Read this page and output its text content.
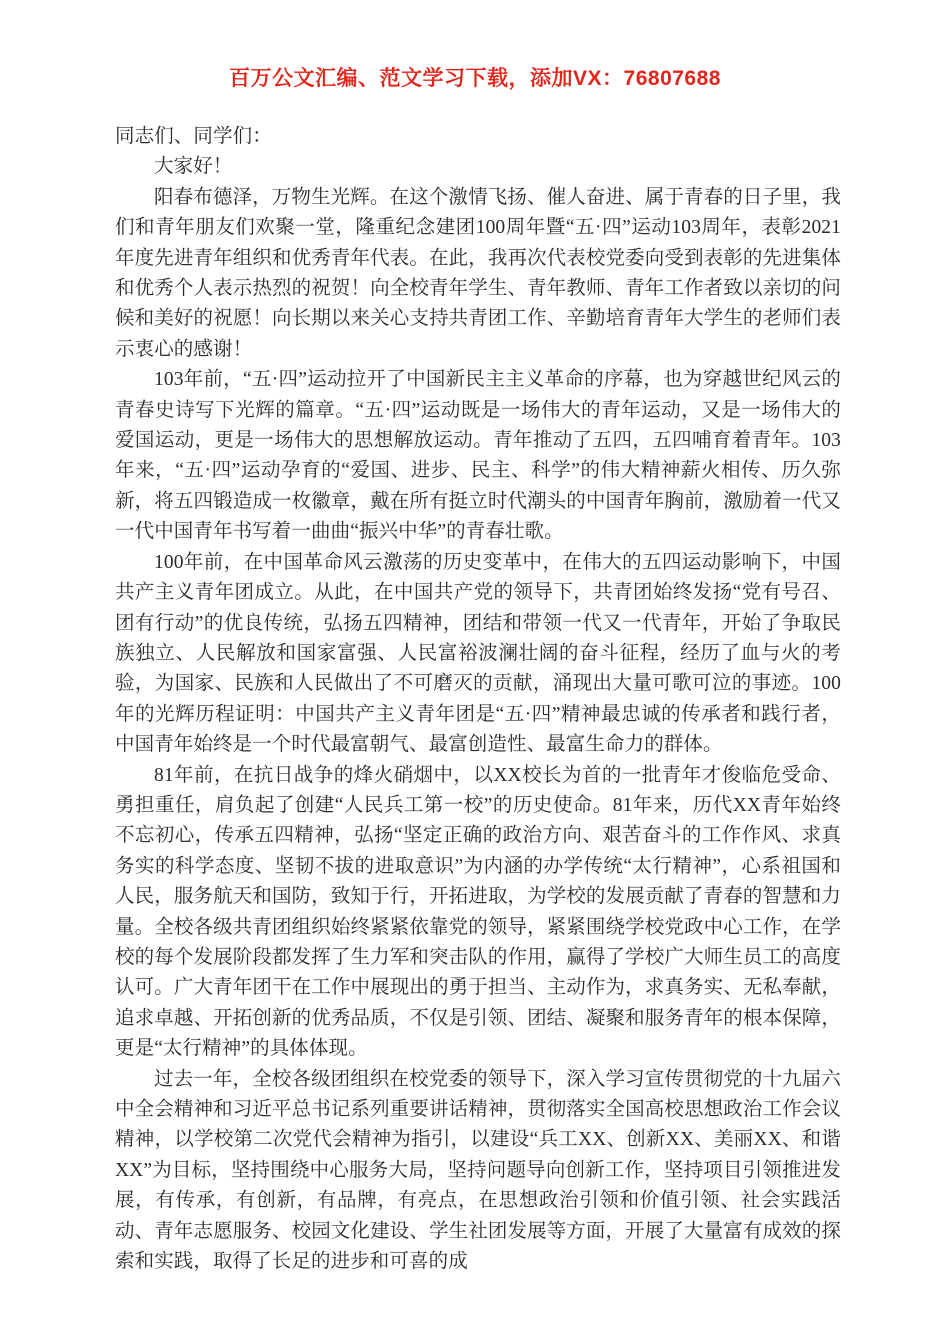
百万公文汇编、范文学习下载，添加VX：76807688

同志们、同学们：

大家好！

阳春布德泽，万物生光辉。在这个激情飞扬、催人奋进、属于青春的日子里，我们和青年朋友们欢聚一堂，隆重纪念建团100周年暨“五·四”运动103周年，表彰2021年度先进青年组织和优秀青年代表。在此，我再次代表校党委向受到表彰的先进集体和优秀个人表示热烈的祝贺！向全校青年学生、青年教师、青年工作者致以亲切的问候和美好的祝愿！向长期以来关心支持共青团工作、辛勤培育青年大学生的老师们表示衷心的感谢！

103年前，“五·四”运动拉开了中国新民主主义革命的序幕，也为穿越世纪风云的青春史诗写下光辉的篇章。“五·四”运动既是一场伟大的青年运动，又是一场伟大的爱国运动，更是一场伟大的思想解放运动。青年推动了五四，五四哺育着青年。103年来，“五·四”运动孕育的“爱国、进步、民主、科学”的伟大精神薪火相传、历久弥新，将五四锻造成一枚徽章，戴在所有挺立时代潮头的中国青年胸前，激励着一代又一代中国青年书写着一曲曲“振兴中华”的青春壮歌。

100年前，在中国革命风云激荡的历史变革中，在伟大的五四运动影响下，中国共产主义青年团成立。从此，在中国共产党的领导下，共青团始终发扬“党有号召、团有行动”的优良传统，弘扬五四精神，团结和带领一代又一代青年，开始了争取民族独立、人民解放和国家富强、人民富裕波澜壮阔的奋斗征程，经历了血与火的考验，为国家、民族和人民做出了不可磨灭的贡献，涌现出大量可歌可泣的事迹。100年的光辉历程证明：中国共产主义青年团是“五·四”精神最忠诚的传承者和践行者，中国青年始终是一个时代最富朝气、最富创造性、最富生命力的群体。

81年前，在抗日战争的烽火硝烟中，以XX校长为首的一批青年才俊临危受命、勇担重任，肩负起了创建“人民兵工第一校”的历史使命。81年来，历代XX青年始终不忘初心，传承五四精神，弘扬“坚定正确的政治方向、艰苦奋斗的工作作风、求真务实的科学态度、坚韧不拔的进取意识”为内涵的办学传统“太行精神”，心系祖国和人民，服务航天和国防，致知于行，开拓进取，为学校的发展贡献了青春的智慧和力量。全校各级共青团组织始终紧紧依靠党的领导，紧紧围绕学校党政中心工作，在学校的每个发展阶段都发挥了生力军和突击队的作用，赢得了学校广大师生员工的高度认可。广大青年团干在工作中展现出的勇于担当、主动作为，求真务实、无私奉献，追求卓越、开拓创新的优秀品质，不仅是引领、团结、凝聚和服务青年的根本保障，更是“太行精神”的具体体现。

过去一年，全校各级团组织在校党委的领导下，深入学习宣传贯彻党的十九届六中全会精神和习近平总书记系列重要讲话精神，贯彻落实全国高校思想政治工作会议精神，以学校第二次党代会精神为指引，以建设“兵工XX、创新XX、美丽XX、和谐XX”为目标，坚持围绕中心服务大局，坚持问题导向创新工作，坚持项目引领推进发展，有传承，有创新，有品牌，有亮点，在思想政治引领和价值引领、社会实践活动、青年志愿服务、校园文化建设、学生社团发展等方面，开展了大量富有成效的探索和实践，取得了长足的进步和可喜的成
